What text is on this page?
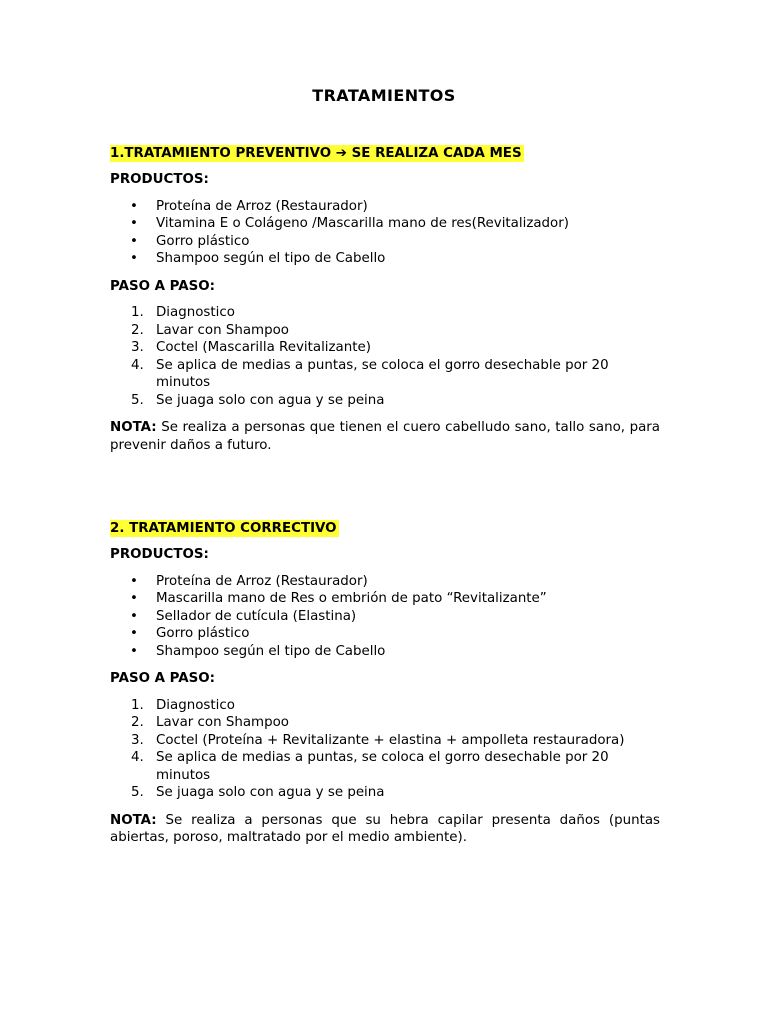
TRATAMIENTOS

1.TRATAMIENTO PREVENTIVO ➔ SE REALIZA CADA MES

PRODUCTOS:
• Proteína de Arroz (Restaurador)
• Vitamina E o Colágeno /Mascarilla mano de res(Revitalizador)
• Gorro plástico
• Shampoo según el tipo de Cabello
PASO A PASO:
1. Diagnostico
2. Lavar con Shampoo
3. Coctel (Mascarilla Revitalizante)
4. Se aplica de medias a puntas, se coloca el gorro desechable por 20 minutos
5. Se juaga solo con agua y se peina

NOTA: Se realiza a personas que tienen el cuero cabelludo sano, tallo sano, para prevenir daños a futuro.

2. TRATAMIENTO CORRECTIVO

PRODUCTOS:
• Proteína de Arroz (Restaurador)
• Mascarilla mano de Res o embrión de pato “Revitalizante”
• Sellador de cutícula (Elastina)
• Gorro plástico
• Shampoo según el tipo de Cabello
PASO A PASO:
1. Diagnostico
2. Lavar con Shampoo
3. Coctel (Proteína + Revitalizante + elastina + ampolleta restauradora)
4. Se aplica de medias a puntas, se coloca el gorro desechable por 20 minutos
5. Se juaga solo con agua y se peina

NOTA: Se realiza a personas que su hebra capilar presenta daños (puntas abiertas, poroso, maltratado por el medio ambiente).
